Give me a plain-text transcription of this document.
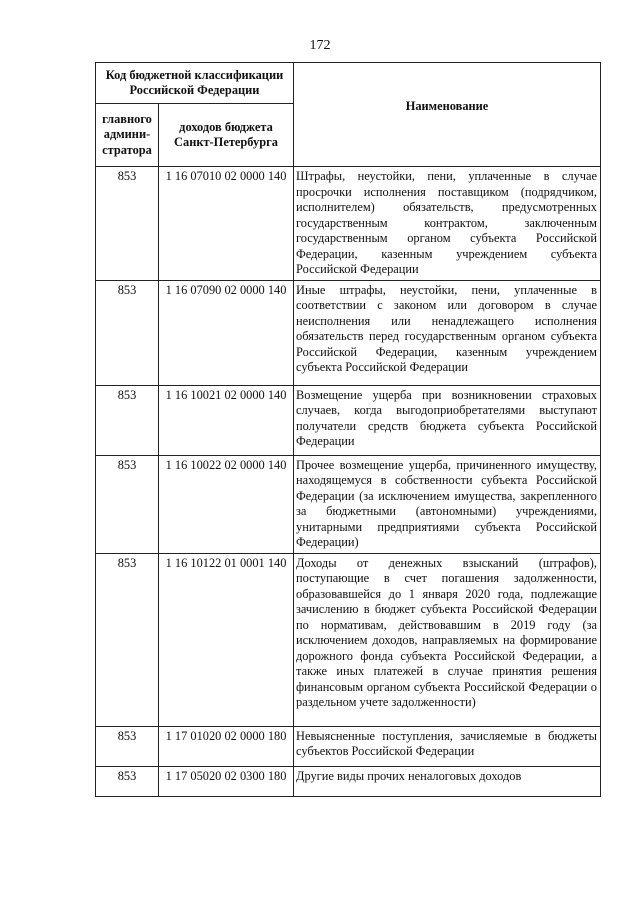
172
Код бюджетной классификации Российской Федерации		Наименование
главного админи-стратора	доходов бюджета Санкт-Петербурга	
853	1 16 07010 02 0000 140	Штрафы, неустойки, пени, уплаченные в случае просрочки исполнения поставщиком (подрядчиком, исполнителем) обязательств, предусмотренных государственным контрактом, заключенным государственным органом субъекта Российской Федерации, казенным учреждением субъекта Российской Федерации
853	1 16 07090 02 0000 140	Иные штрафы, неустойки, пени, уплаченные в соответствии с законом или договором в случае неисполнения или ненадлежащего исполнения обязательств перед государственным органом субъекта Российской Федерации, казенным учреждением субъекта Российской Федерации
853	1 16 10021 02 0000 140	Возмещение ущерба при возникновении страховых случаев, когда выгодоприобретателями выступают получатели средств бюджета субъекта Российской Федерации
853	1 16 10022 02 0000 140	Прочее возмещение ущерба, причиненного имуществу, находящемуся в собственности субъекта Российской Федерации (за исключением имущества, закрепленного за бюджетными (автономными) учреждениями, унитарными предприятиями субъекта Российской Федерации)
853	1 16 10122 01 0001 140	Доходы от денежных взысканий (штрафов), поступающие в счет погашения задолженности, образовавшейся до 1 января 2020 года, подлежащие зачислению в бюджет субъекта Российской Федерации по нормативам, действовавшим в 2019 году (за исключением доходов, направляемых на формирование дорожного фонда субъекта Российской Федерации, а также иных платежей в случае принятия решения финансовым органом субъекта Российской Федерации о раздельном учете задолженности)
853	1 17 01020 02 0000 180	Невыясненные поступления, зачисляемые в бюджеты субъектов Российской Федерации
853	1 17 05020 02 0300 180	Другие виды прочих неналоговых доходов
